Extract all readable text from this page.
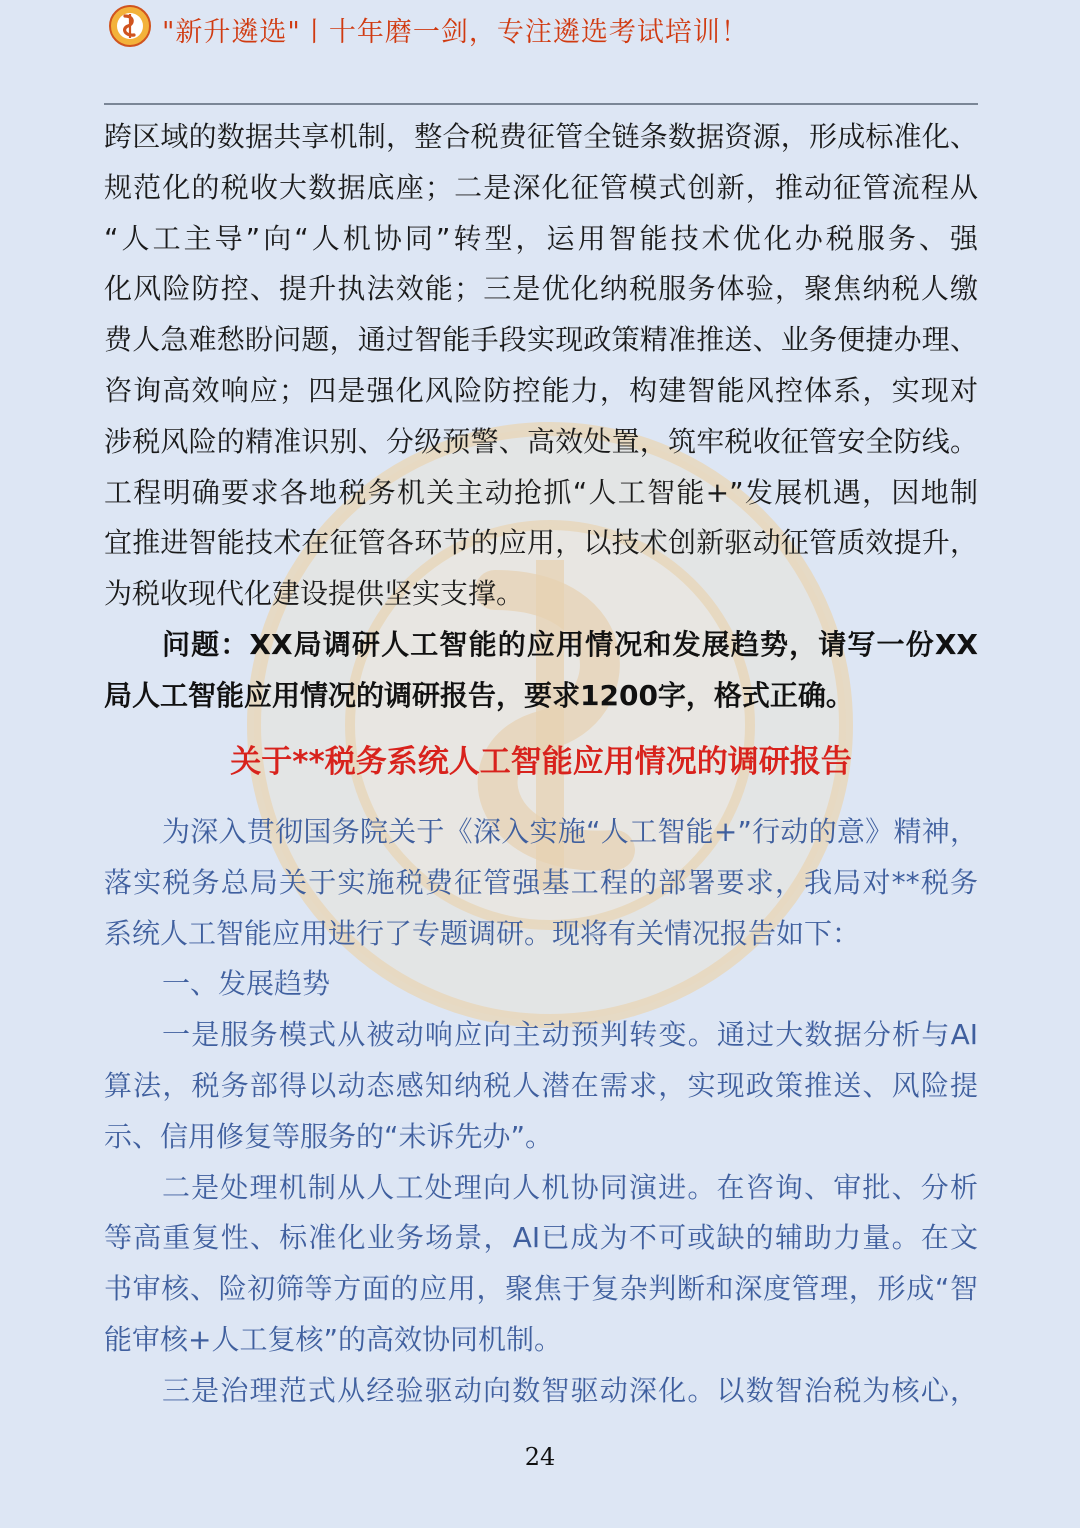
"新升遴选"丨十年磨一剑，专注遴选考试培训！
跨区域的数据共享机制，整合税费征管全链条数据资源，形成标准化、
规范化的税收大数据底座；二是深化征管模式创新，推动征管流程从
“人工主导”向“人机协同”转型，运用智能技术优化办税服务、强
化风险防控、提升执法效能；三是优化纳税服务体验，聚焦纳税人缴
费人急难愁盼问题，通过智能手段实现政策精准推送、业务便捷办理、
咨询高效响应；四是强化风险防控能力，构建智能风控体系，实现对
涉税风险的精准识别、分级预警、高效处置，筑牢税收征管安全防线。
工程明确要求各地税务机关主动抢抓“人工智能+”发展机遇，因地制
宜推进智能技术在征管各环节的应用，以技术创新驱动征管质效提升，
为税收现代化建设提供坚实支撑。
问题：XX局调研人工智能的应用情况和发展趋势，请写一份XX
局人工智能应用情况的调研报告，要求1200字，格式正确。
关于**税务系统人工智能应用情况的调研报告
为深入贯彻国务院关于《深入实施“人工智能+”行动的意》精神，
落实税务总局关于实施税费征管强基工程的部署要求，我局对**税务
系统人工智能应用进行了专题调研。现将有关情况报告如下：
一、发展趋势
一是服务模式从被动响应向主动预判转变。通过大数据分析与AI
算法，税务部得以动态感知纳税人潜在需求，实现政策推送、风险提
示、信用修复等服务的“未诉先办”。
二是处理机制从人工处理向人机协同演进。在咨询、审批、分析
等高重复性、标准化业务场景，AI已成为不可或缺的辅助力量。在文
书审核、险初筛等方面的应用，聚焦于复杂判断和深度管理，形成“智
能审核+人工复核”的高效协同机制。
三是治理范式从经验驱动向数智驱动深化。以数智治税为核心，
24
